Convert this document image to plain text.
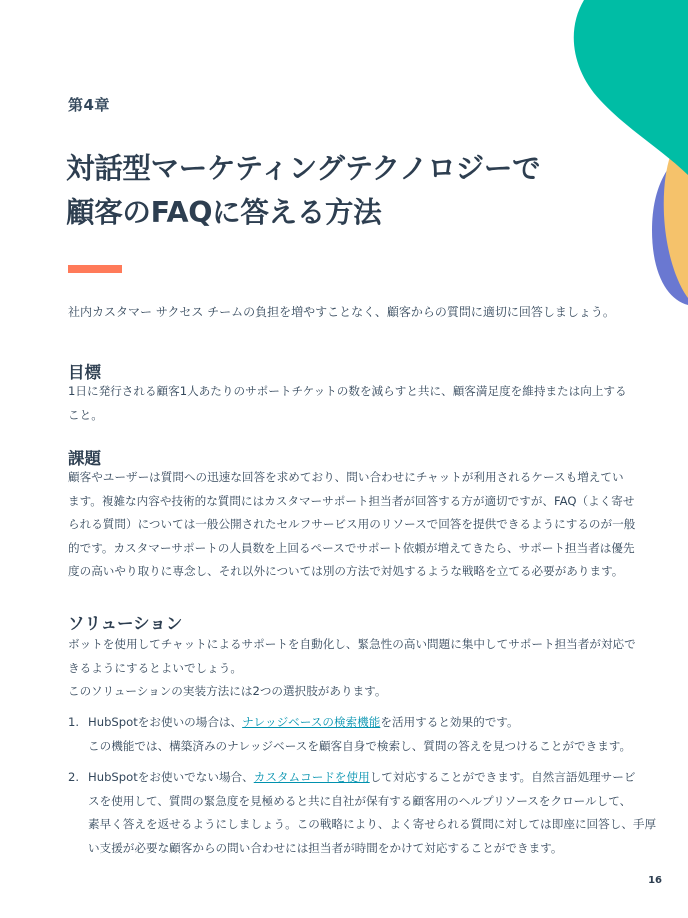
第4章
対話型マーケティングテクノロジーで
顧客のFAQに答える方法
社内カスタマー サクセス チームの負担を増やすことなく、顧客からの質問に適切に回答しましょう。
目標
1日に発行される顧客1人あたりのサポートチケットの数を減らすと共に、顧客満足度を維持または向上する
こと。
課題
顧客やユーザーは質問への迅速な回答を求めており、問い合わせにチャットが利用されるケースも増えてい
ます。複雑な内容や技術的な質問にはカスタマーサポート担当者が回答する方が適切ですが、FAQ（よく寄せ
られる質問）については一般公開されたセルフサービス用のリソースで回答を提供できるようにするのが一般
的です。カスタマーサポートの人員数を上回るペースでサポート依頼が増えてきたら、サポート担当者は優先
度の高いやり取りに専念し、それ以外については別の方法で対処するような戦略を立てる必要があります。
ソリューション
ボットを使用してチャットによるサポートを自動化し、緊急性の高い問題に集中してサポート担当者が対応で
きるようにするとよいでしょう。
このソリューションの実装方法には2つの選択肢があります。
1. HubSpotをお使いの場合は、ナレッジベースの検索機能を活用すると効果的です。
この機能では、構築済みのナレッジベースを顧客自身で検索し、質問の答えを見つけることができます。
2. HubSpotをお使いでない場合、カスタムコードを使用して対応することができます。自然言語処理サービ
スを使用して、質問の緊急度を見極めると共に自社が保有する顧客用のヘルプリソースをクロールして、
素早く答えを返せるようにしましょう。この戦略により、よく寄せられる質問に対しては即座に回答し、手厚
い支援が必要な顧客からの問い合わせには担当者が時間をかけて対応することができます。
16
